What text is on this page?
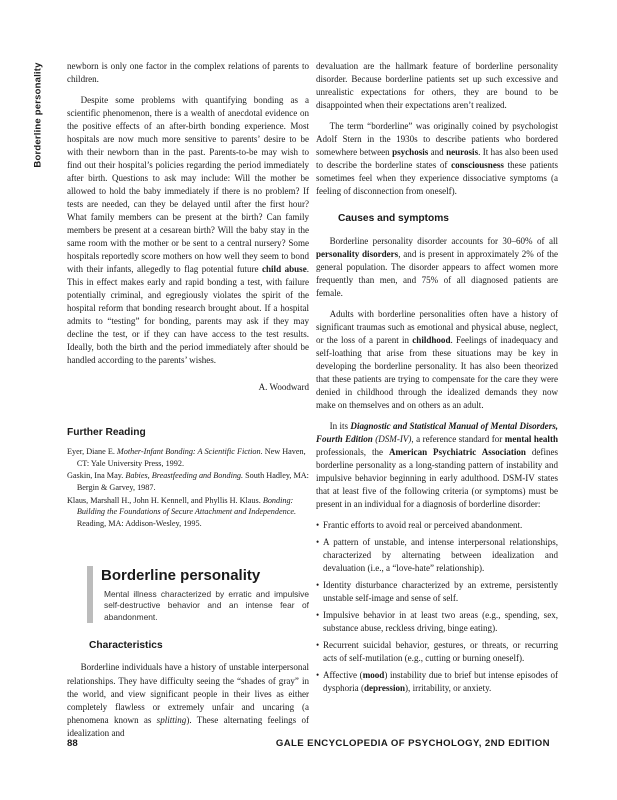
Borderline personality	newborn is only one factor in the complex relations of parents to children.

Despite some problems with quantifying bonding as a scientific phenomenon, there is a wealth of anecdotal evidence on the positive effects of an after-birth bonding experience. Most hospitals are now much more sensitive to parents’ desire to be with their newborn than in the past. Parents-to-be may wish to find out their hospital’s policies regarding the period immediately after birth. Questions to ask may include: Will the mother be allowed to hold the baby immediately if there is no problem? If tests are needed, can they be delayed until after the first hour? What family members can be present at the birth? Can family members be present at a cesarean birth? Will the baby stay in the same room with the mother or be sent to a central nursery? Some hospitals reportedly score mothers on how well they seem to bond with their infants, allegedly to flag potential future child abuse. This in effect makes early and rapid bonding a test, with failure potentially criminal, and egregiously violates the spirit of the hospital reform that bonding research brought about. If a hospital admits to “testing” for bonding, parents may ask if they may decline the test, or if they can have access to the test results. Ideally, both the birth and the period immediately after should be handled according to the parents’ wishes.

A. Woodward

Further Reading
Eyer, Diane E. Mother-Infant Bonding: A Scientific Fiction. New Haven, CT: Yale University Press, 1992.
Gaskin, Ina May. Babies, Breastfeeding and Bonding. South Hadley, MA: Bergin & Garvey, 1987.
Klaus, Marshall H., John H. Kennell, and Phyllis H. Klaus. Bonding: Building the Foundations of Secure Attachment and Independence. Reading, MA: Addison-Wesley, 1995.
Borderline personality

Mental illness characterized by erratic and impulsive self-destructive behavior and an intense fear of abandonment.

Characteristics

Borderline individuals have a history of unstable interpersonal relationships. They have difficulty seeing the “shades of gray” in the world, and view significant people in their lives as either completely flawless or extremely unfair and uncaring (a phenomena known as splitting). These alternating feelings of idealization and

devaluation are the hallmark feature of borderline personality disorder. Because borderline patients set up such excessive and unrealistic expectations for others, they are bound to be disappointed when their expectations aren’t realized.

The term “borderline” was originally coined by psychologist Adolf Stern in the 1930s to describe patients who bordered somewhere between psychosis and neurosis. It has also been used to describe the borderline states of consciousness these patients sometimes feel when they experience dissociative symptoms (a feeling of disconnection from oneself).

Causes and symptoms

Borderline personality disorder accounts for 30–60% of all personality disorders, and is present in approximately 2% of the general population. The disorder appears to affect women more frequently than men, and 75% of all diagnosed patients are female.

Adults with borderline personalities often have a history of significant traumas such as emotional and physical abuse, neglect, or the loss of a parent in childhood. Feelings of inadequacy and self-loathing that arise from these situations may be key in developing the borderline personality. It has also been theorized that these patients are trying to compensate for the care they were denied in childhood through the idealized demands they now make on themselves and on others as an adult.

In its Diagnostic and Statistical Manual of Mental Disorders, Fourth Edition (DSM-IV), a reference standard for mental health professionals, the American Psychiatric Association defines borderline personality as a long-standing pattern of instability and impulsive behavior beginning in early adulthood. DSM-IV states that at least five of the following criteria (or symptoms) must be present in an individual for a diagnosis of borderline disorder:

• Frantic efforts to avoid real or perceived abandonment.
• A pattern of unstable, and intense interpersonal relationships, characterized by alternating between idealization and devaluation (i.e., a “love-hate” relationship).
• Identity disturbance characterized by an extreme, persistently unstable self-image and sense of self.
• Impulsive behavior in at least two areas (e.g., spending, sex, substance abuse, reckless driving, binge eating).
• Recurrent suicidal behavior, gestures, or threats, or recurring acts of self-mutilation (e.g., cutting or burning oneself).
• Affective (mood) instability due to brief but intense episodes of dysphoria (depression), irritability, or anxiety.
88	GALE ENCYCLOPEDIA OF PSYCHOLOGY, 2ND EDITION
